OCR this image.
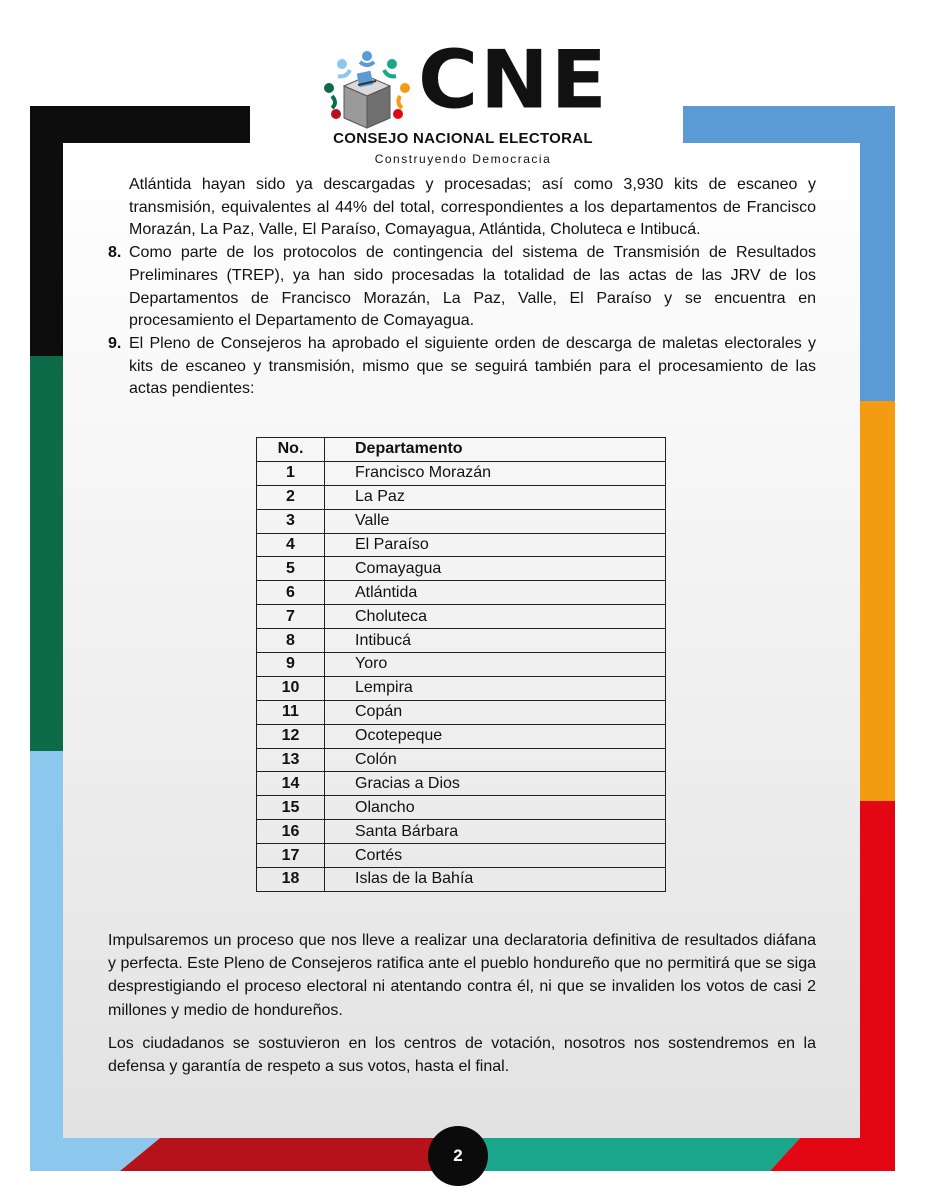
CNE
CONSEJO NACIONAL ELECTORAL
Construyendo Democracia

Atlántida hayan sido ya descargadas y procesadas; así como 3,930 kits de escaneo y transmisión, equivalentes al 44% del total, correspondientes a los departamentos de Francisco Morazán, La Paz, Valle, El Paraíso, Comayagua, Atlántida, Choluteca e Intibucá.

8. Como parte de los protocolos de contingencia del sistema de Transmisión de Resultados Preliminares (TREP), ya han sido procesadas la totalidad de las actas de las JRV de los Departamentos de Francisco Morazán, La Paz, Valle, El Paraíso y se encuentra en procesamiento el Departamento de Comayagua.
9. El Pleno de Consejeros ha aprobado el siguiente orden de descarga de maletas electorales y kits de escaneo y transmisión, mismo que se seguirá también para el procesamiento de las actas pendientes:
No.	Departamento
1	Francisco Morazán
2	La Paz
3	Valle
4	El Paraíso
5	Comayagua
6	Atlántida
7	Choluteca
8	Intibucá
9	Yoro
10	Lempira
11	Copán
12	Ocotepeque
13	Colón
14	Gracias a Dios
15	Olancho
16	Santa Bárbara
17	Cortés
18	Islas de la Bahía

Impulsaremos un proceso que nos lleve a realizar una declaratoria definitiva de resultados diáfana y perfecta. Este Pleno de Consejeros ratifica ante el pueblo hondureño que no permitirá que se siga desprestigiando el proceso electoral ni atentando contra él, ni que se invaliden los votos de casi 2 millones y medio de hondureños.

Los ciudadanos se sostuvieron en los centros de votación, nosotros nos sostendremos en la defensa y garantía de respeto a sus votos, hasta el final.

2
